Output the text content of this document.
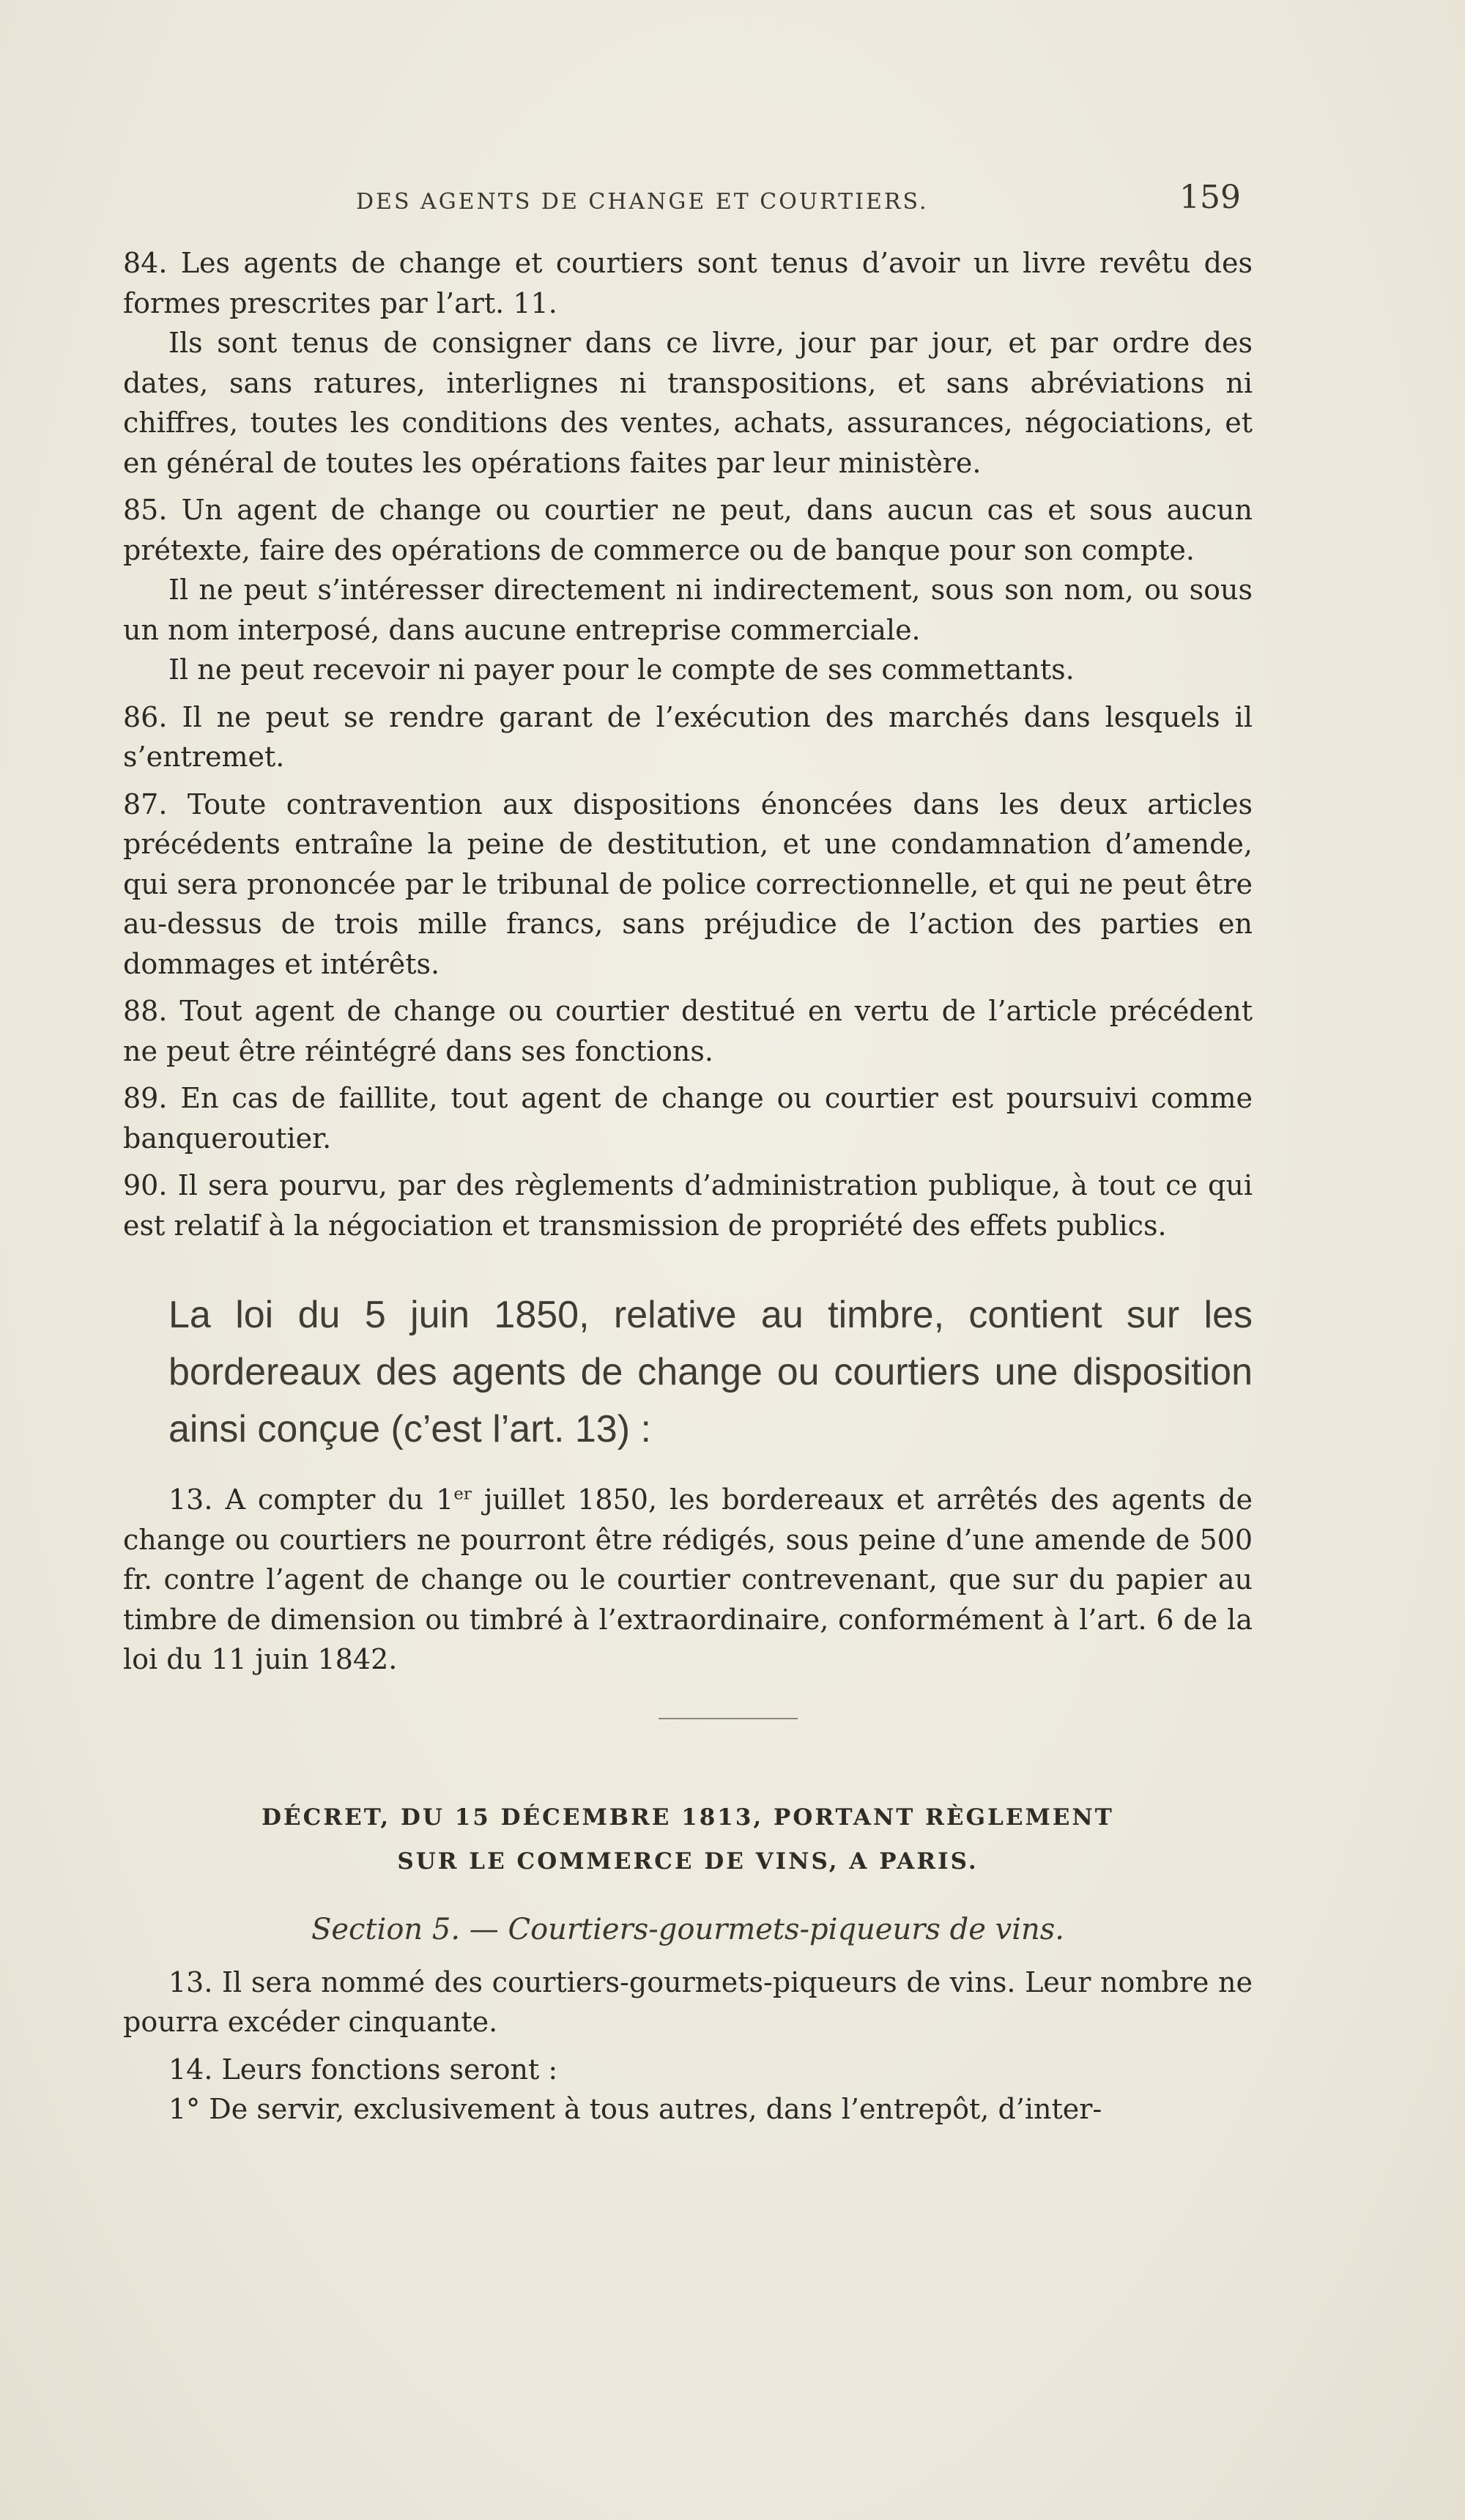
DES AGENTS DE CHANGE ET COURTIERS.	159

84. Les agents de change et courtiers sont tenus d’avoir un livre revêtu des formes prescrites par l’art. 11.

Ils sont tenus de consigner dans ce livre, jour par jour, et par ordre des dates, sans ratures, interlignes ni transpositions, et sans abréviations ni chiffres, toutes les conditions des ventes, achats, assurances, négociations, et en général de toutes les opérations faites par leur ministère.

85. Un agent de change ou courtier ne peut, dans aucun cas et sous aucun prétexte, faire des opérations de commerce ou de banque pour son compte.

Il ne peut s’intéresser directement ni indirectement, sous son nom, ou sous un nom interposé, dans aucune entreprise commerciale.

Il ne peut recevoir ni payer pour le compte de ses commettants.

86. Il ne peut se rendre garant de l’exécution des marchés dans lesquels il s’entremet.

87. Toute contravention aux dispositions énoncées dans les deux articles précédents entraîne la peine de destitution, et une condamnation d’amende, qui sera prononcée par le tribunal de police correctionnelle, et qui ne peut être au-dessus de trois mille francs, sans préjudice de l’action des parties en dommages et intérêts.

88. Tout agent de change ou courtier destitué en vertu de l’article précédent ne peut être réintégré dans ses fonctions.

89. En cas de faillite, tout agent de change ou courtier est poursuivi comme banqueroutier.

90. Il sera pourvu, par des règlements d’administration publique, à tout ce qui est relatif à la négociation et transmission de propriété des effets publics.

La loi du 5 juin 1850, relative au timbre, contient sur les bordereaux des agents de change ou courtiers une disposition ainsi conçue (c’est l’art. 13) :

13. A compter du 1er juillet 1850, les bordereaux et arrêtés des agents de change ou courtiers ne pourront être rédigés, sous peine d’une amende de 500 fr. contre l’agent de change ou le courtier contrevenant, que sur du papier au timbre de dimension ou timbré à l’extraordinaire, conformément à l’art. 6 de la loi du 11 juin 1842.

DÉCRET, DU 15 DÉCEMBRE 1813, PORTANT RÈGLEMENT
SUR LE COMMERCE DE VINS, A PARIS.
Section 5. — Courtiers-gourmets-piqueurs de vins.

13. Il sera nommé des courtiers-gourmets-piqueurs de vins. Leur nombre ne pourra excéder cinquante.

14. Leurs fonctions seront :

1° De servir, exclusivement à tous autres, dans l’entrepôt, d’inter-
